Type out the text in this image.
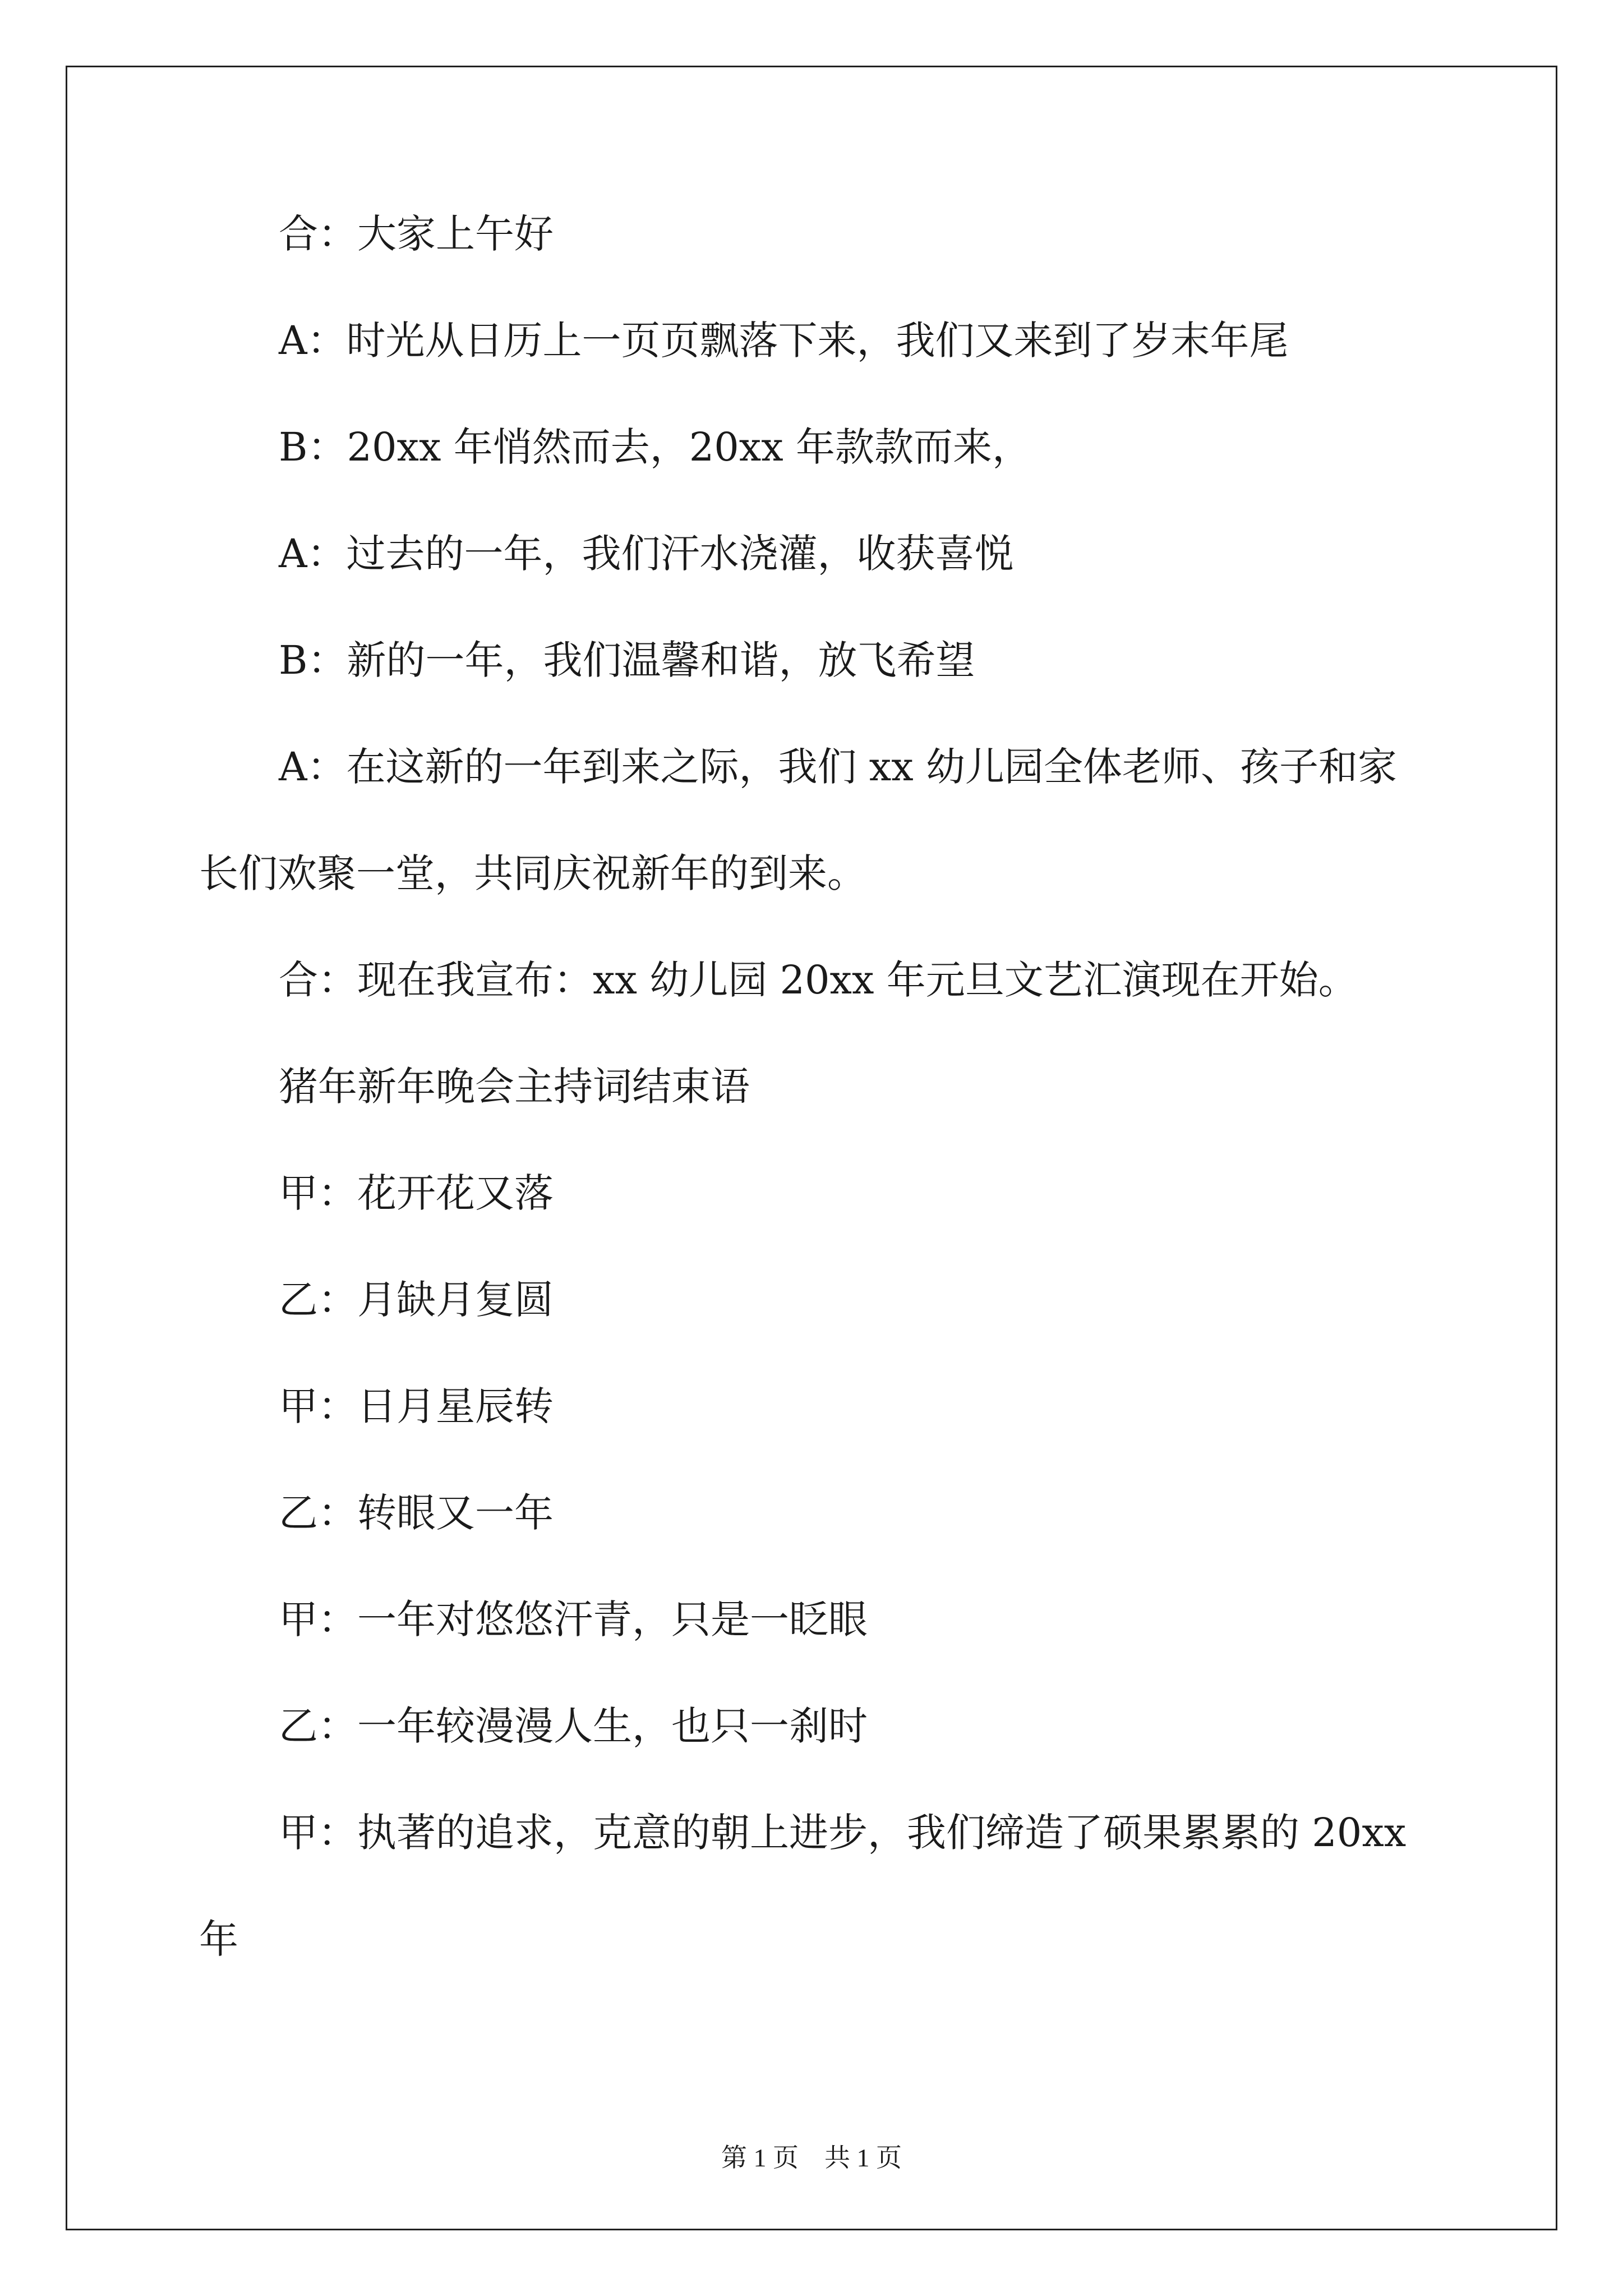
合：大家上午好

A：时光从日历上一页页飘落下来，我们又来到了岁末年尾

B：20xx 年悄然而去，20xx 年款款而来，

A：过去的一年，我们汗水浇灌，收获喜悦

B：新的一年，我们温馨和谐，放飞希望

A：在这新的一年到来之际，我们 xx 幼儿园全体老师、孩子和家长们欢聚一堂，共同庆祝新年的到来。

合：现在我宣布：xx 幼儿园 20xx 年元旦文艺汇演现在开始。

猪年新年晚会主持词结束语

甲：花开花又落

乙：月缺月复圆

甲：日月星辰转

乙：转眼又一年

甲：一年对悠悠汗青，只是一眨眼

乙：一年较漫漫人生，也只一刹时

甲：执著的追求，克意的朝上进步，我们缔造了硕果累累的 20xx 年

第 1 页　共 1 页
